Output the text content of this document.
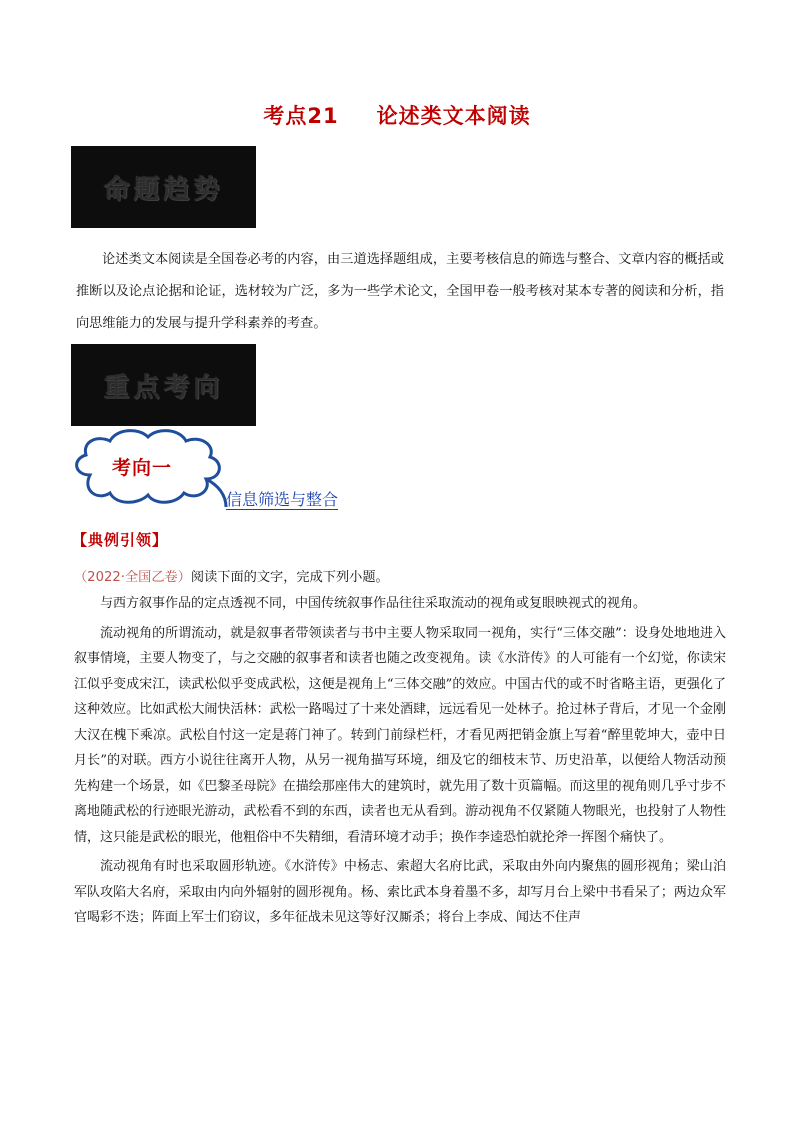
考点21 论述类文本阅读
命题趋势
论述类文本阅读是全国卷必考的内容，由三道选择题组成，主要考核信息的筛选与整合、文章内容的概括或推断以及论点论据和论证，选材较为广泛，多为一些学术论文，全国甲卷一般考核对某本专著的阅读和分析，指向思维能力的发展与提升学科素养的考查。
重点考向
考向一
信息筛选与整合
【典例引领】
（2022·全国乙卷）阅读下面的文字，完成下列小题。

与西方叙事作品的定点透视不同，中国传统叙事作品往往采取流动的视角或复眼映视式的视角。

流动视角的所谓流动，就是叙事者带领读者与书中主要人物采取同一视角，实行“三体交融”：设身处地地进入叙事情境，主要人物变了，与之交融的叙事者和读者也随之改变视角。读《水浒传》的人可能有一个幻觉，你读宋江似乎变成宋江，读武松似乎变成武松，这便是视角上“三体交融”的效应。中国古代的或不时省略主语，更强化了这种效应。比如武松大闹快活林：武松一路喝过了十来处酒肆，远远看见一处林子。抢过林子背后，才见一个金刚大汉在槐下乘凉。武松自忖这一定是蒋门神了。转到门前绿栏杆，才看见两把销金旗上写着“醉里乾坤大，壶中日月长”的对联。西方小说往往离开人物，从另一视角描写环境，细及它的细枝末节、历史沿革，以便给人物活动预先构建一个场景，如《巴黎圣母院》在描绘那座伟大的建筑时，就先用了数十页篇幅。而这里的视角则几乎寸步不离地随武松的行迹眼光游动，武松看不到的东西，读者也无从看到。游动视角不仅紧随人物眼光，也投射了人物性情，这只能是武松的眼光，他粗俗中不失精细，看清环境才动手；换作李逵恐怕就抡斧一挥图个痛快了。

流动视角有时也采取圆形轨迹。《水浒传》中杨志、索超大名府比武，采取由外向内聚焦的圆形视角；梁山泊军队攻陷大名府，采取由内向外辐射的圆形视角。杨、索比武本身着墨不多，却写月台上梁中书看呆了；两边众军官喝彩不迭；阵面上军士们窃议，多年征战未见这等好汉厮杀；将台上李成、闻达不住声
